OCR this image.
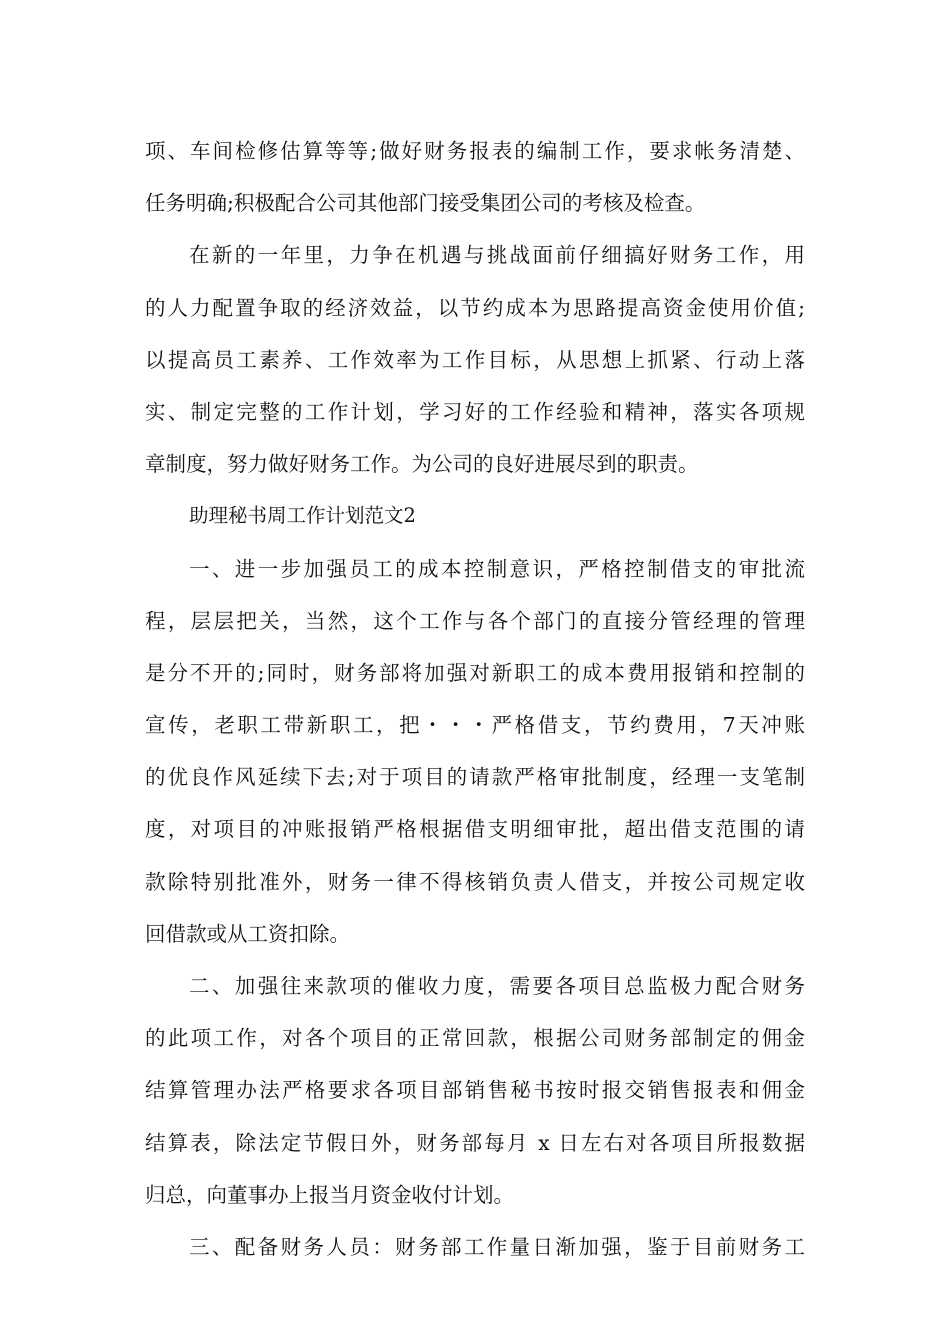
项、车间检修估算等等;做好财务报表的编制工作，要求帐务清楚、
任务明确;积极配合公司其他部门接受集团公司的考核及检查。
在新的一年里，力争在机遇与挑战面前仔细搞好财务工作，用
的人力配置争取的经济效益，以节约成本为思路提高资金使用价值;
以提高员工素养、工作效率为工作目标，从思想上抓紧、行动上落
实、制定完整的工作计划，学习好的工作经验和精神，落实各项规
章制度，努力做好财务工作。为公司的良好进展尽到的职责。
助理秘书周工作计划范文2
一、进一步加强员工的成本控制意识，严格控制借支的审批流
程，层层把关，当然，这个工作与各个部门的直接分管经理的管理
是分不开的;同时，财务部将加强对新职工的成本费用报销和控制的
宣传，老职工带新职工，把・・・严格借支，节约费用，7天冲账
的优良作风延续下去;对于项目的请款严格审批制度，经理一支笔制
度，对项目的冲账报销严格根据借支明细审批，超出借支范围的请
款除特别批准外，财务一律不得核销负责人借支，并按公司规定收
回借款或从工资扣除。
二、加强往来款项的催收力度，需要各项目总监极力配合财务
的此项工作，对各个项目的正常回款，根据公司财务部制定的佣金
结算管理办法严格要求各项目部销售秘书按时报交销售报表和佣金
结算表，除法定节假日外，财务部每月 x 日左右对各项目所报数据
归总，向董事办上报当月资金收付计划。
三、配备财务人员：财务部工作量日渐加强，鉴于目前财务工
